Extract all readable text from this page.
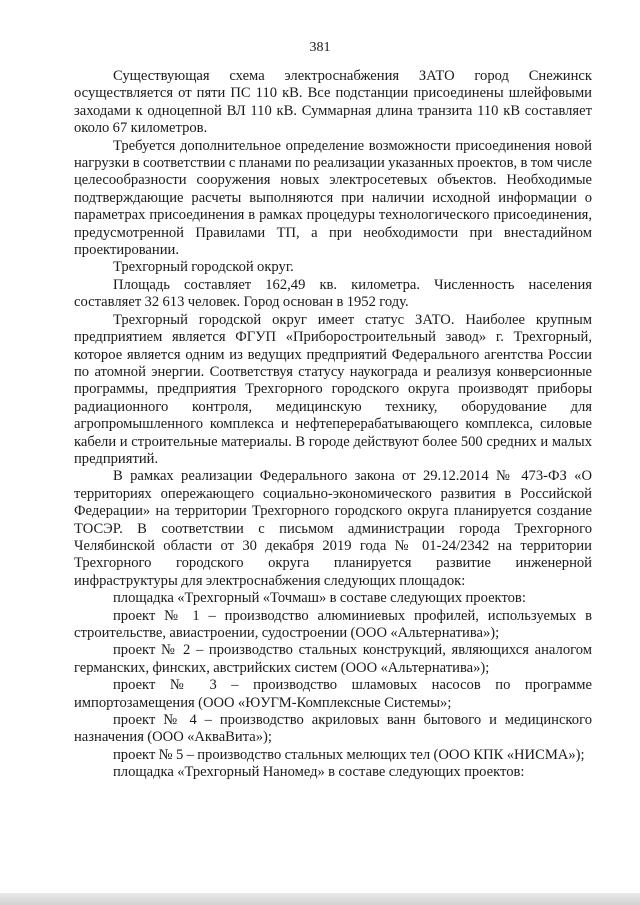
381

Существующая схема электроснабжения ЗАТО город Снежинск осуществляется от пяти ПС 110 кВ. Все подстанции присоединены шлейфовыми заходами к одноцепной ВЛ 110 кВ. Суммарная длина транзита 110 кВ составляет около 67 километров.

Требуется дополнительное определение возможности присоединения новой нагрузки в соответствии с планами по реализации указанных проектов, в том числе целесообразности сооружения новых электросетевых объектов. Необходимые подтверждающие расчеты выполняются при наличии исходной информации о параметрах присоединения в рамках процедуры технологического присоединения, предусмотренной Правилами ТП, а при необходимости при внестадийном проектировании.

Трехгорный городской округ.

Площадь составляет 162,49 кв. километра. Численность населения составляет 32 613 человек. Город основан в 1952 году.

Трехгорный городской округ имеет статус ЗАТО. Наиболее крупным предприятием является ФГУП «Приборостроительный завод» г. Трехгорный, которое является одним из ведущих предприятий Федерального агентства России по атомной энергии. Соответствуя статусу наукограда и реализуя конверсионные программы, предприятия Трехгорного городского округа производят приборы радиационного контроля, медицинскую технику, оборудование для агропромышленного комплекса и нефтеперерабатывающего комплекса, силовые кабели и строительные материалы. В городе действуют более 500 средних и малых предприятий.

В рамках реализации Федерального закона от 29.12.2014 № 473-ФЗ «О территориях опережающего социально-экономического развития в Российской Федерации» на территории Трехгорного городского округа планируется создание ТОСЭР. В соответствии с письмом администрации города Трехгорного Челябинской области от 30 декабря 2019 года № 01-24/2342 на территории Трехгорного городского округа планируется развитие инженерной инфраструктуры для электроснабжения следующих площадок:

площадка «Трехгорный «Точмаш» в составе следующих проектов:

проект № 1 – производство алюминиевых профилей, используемых в строительстве, авиастроении, судостроении (ООО «Альтернатива»);

проект № 2 – производство стальных конструкций, являющихся аналогом германских, финских, австрийских систем (ООО «Альтернатива»);

проект № 3 – производство шламовых насосов по программе импортозамещения (ООО «ЮУГМ-Комплексные Системы»;

проект № 4 – производство акриловых ванн бытового и медицинского назначения (ООО «АкваВита»);

проект № 5 – производство стальных мелющих тел (ООО КПК «НИСМА»);

площадка «Трехгорный Наномед» в составе следующих проектов:
